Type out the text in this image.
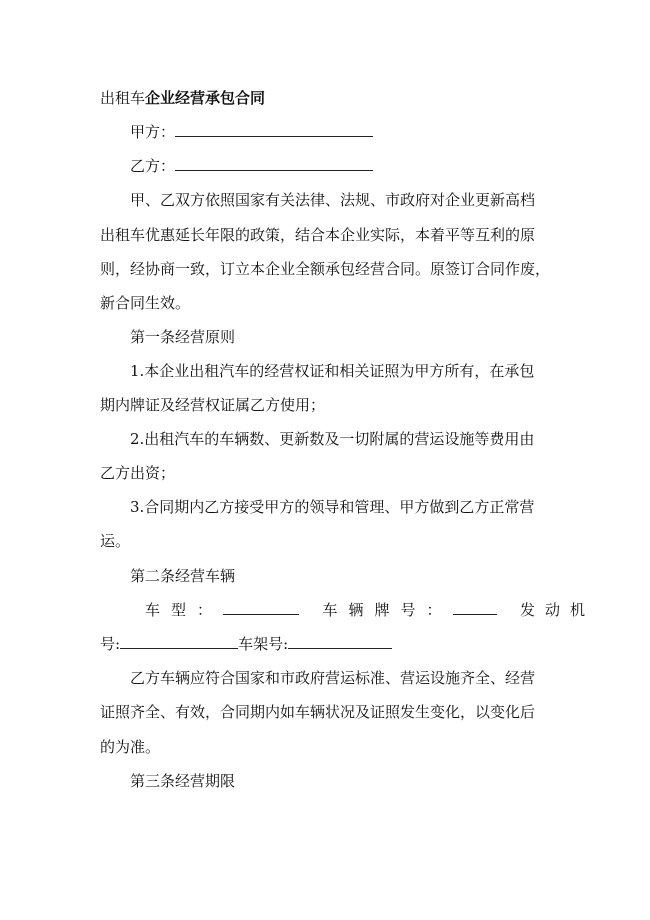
出租车企业经营承包合同
甲方：
乙方：
甲、乙双方依照国家有关法律、法规、市政府对企业更新高档
出租车优惠延长年限的政策，结合本企业实际，本着平等互利的原
则，经协商一致，订立本企业全额承包经营合同。原签订合同作废，
新合同生效。
第一条经营原则
1.本企业出租汽车的经营权证和相关证照为甲方所有，在承包
期内牌证及经营权证属乙方使用；
2.出租汽车的车辆数、更新数及一切附属的营运设施等费用由
乙方出资；
3.合同期内乙方接受甲方的领导和管理、甲方做到乙方正常营
运。
第二条经营车辆
车型：	车辆牌号：	发动机
号:	车架号:
乙方车辆应符合国家和市政府营运标准、营运设施齐全、经营
证照齐全、有效，合同期内如车辆状况及证照发生变化，以变化后
的为准。
第三条经营期限
